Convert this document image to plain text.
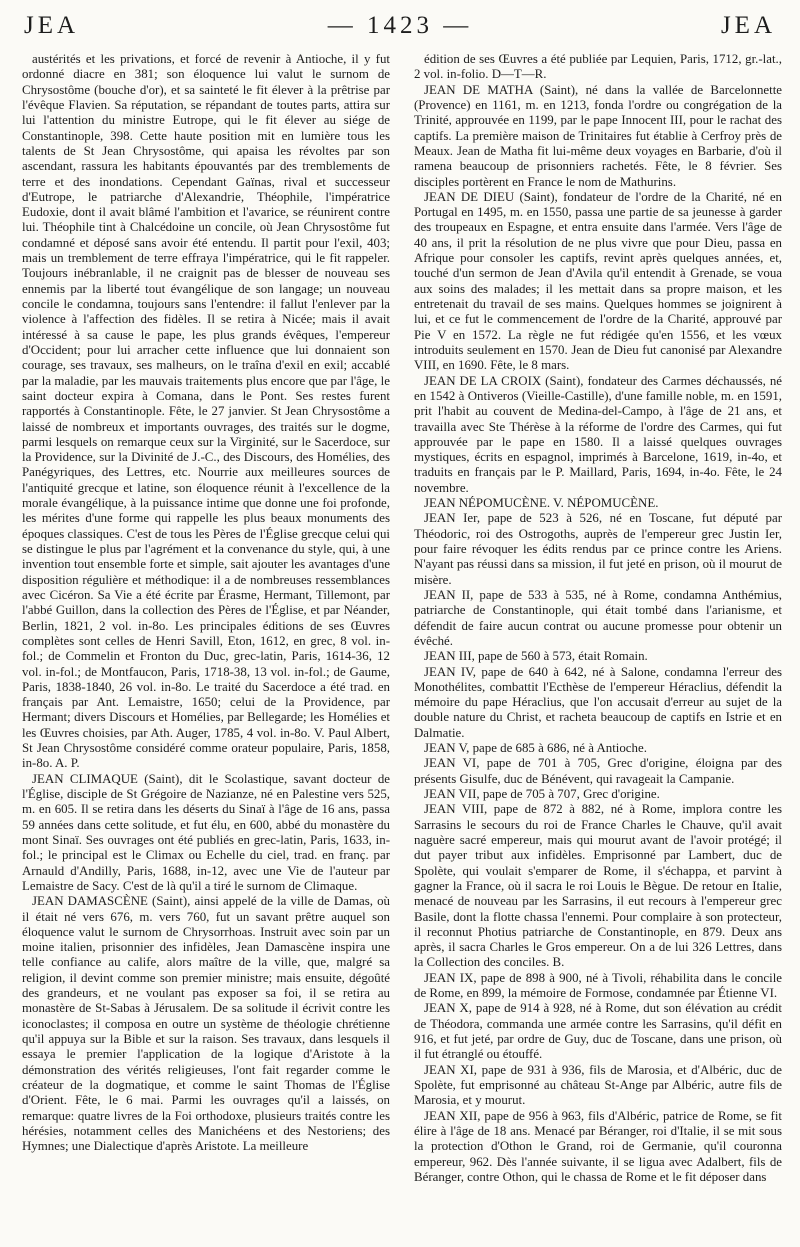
JEA	— 1423 —	JEA

austérités et les privations, et forcé de revenir à Antioche, il y fut ordonné diacre en 381; son éloquence lui valut le surnom de Chrysostôme (bouche d'or), et sa sainteté le fit élever à la prêtrise par l'évêque Flavien. Sa réputation, se répandant de toutes parts, attira sur lui l'attention du ministre Eutrope, qui le fit élever au siége de Constantinople, 398. Cette haute position mit en lumière tous les talents de St Jean Chrysostôme, qui apaisa les révoltes par son ascendant, rassura les habitants épouvantés par des tremblements de terre et des inondations. Cependant Gaïnas, rival et successeur d'Eutrope, le patriarche d'Alexandrie, Théophile, l'impératrice Eudoxie, dont il avait blâmé l'ambition et l'avarice, se réunirent contre lui. Théophile tint à Chalcédoine un concile, où Jean Chrysostôme fut condamné et déposé sans avoir été entendu. Il partit pour l'exil, 403; mais un tremblement de terre effraya l'impératrice, qui le fit rappeler. Toujours inébranlable, il ne craignit pas de blesser de nouveau ses ennemis par la liberté tout évangélique de son langage; un nouveau concile le condamna, toujours sans l'entendre: il fallut l'enlever par la violence à l'affection des fidèles. Il se retira à Nicée; mais il avait intéressé à sa cause le pape, les plus grands évêques, l'empereur d'Occident; pour lui arracher cette influence que lui donnaient son courage, ses travaux, ses malheurs, on le traîna d'exil en exil; accablé par la maladie, par les mauvais traitements plus encore que par l'âge, le saint docteur expira à Comana, dans le Pont. Ses restes furent rapportés à Constantinople. Fête, le 27 janvier. St Jean Chrysostôme a laissé de nombreux et importants ouvrages, des traités sur le dogme, parmi lesquels on remarque ceux sur la Virginité, sur le Sacerdoce, sur la Providence, sur la Divinité de J.-C., des Discours, des Homélies, des Panégyriques, des Lettres, etc. Nourrie aux meilleures sources de l'antiquité grecque et latine, son éloquence réunit à l'excellence de la morale évangélique, à la puissance intime que donne une foi profonde, les mérites d'une forme qui rappelle les plus beaux monuments des époques classiques. C'est de tous les Pères de l'Église grecque celui qui se distingue le plus par l'agrément et la convenance du style, qui, à une invention tout ensemble forte et simple, sait ajouter les avantages d'une disposition régulière et méthodique: il a de nombreuses ressemblances avec Cicéron. Sa Vie a été écrite par Érasme, Hermant, Tillemont, par l'abbé Guillon, dans la collection des Pères de l'Église, et par Néander, Berlin, 1821, 2 vol. in-8o. Les principales éditions de ses Œuvres complètes sont celles de Henri Savill, Eton, 1612, en grec, 8 vol. in-fol.; de Commelin et Fronton du Duc, grec-latin, Paris, 1614-36, 12 vol. in-fol.; de Montfaucon, Paris, 1718-38, 13 vol. in-fol.; de Gaume, Paris, 1838-1840, 26 vol. in-8o. Le traité du Sacerdoce a été trad. en français par Ant. Lemaistre, 1650; celui de la Providence, par Hermant; divers Discours et Homélies, par Bellegarde; les Homélies et les Œuvres choisies, par Ath. Auger, 1785, 4 vol. in-8o. V. Paul Albert, St Jean Chrysostôme considéré comme orateur populaire, Paris, 1858, in-8o. A. P.

JEAN CLIMAQUE (Saint), dit le Scolastique, savant docteur de l'Église, disciple de St Grégoire de Nazianze, né en Palestine vers 525, m. en 605. Il se retira dans les déserts du Sinaï à l'âge de 16 ans, passa 59 années dans cette solitude, et fut élu, en 600, abbé du monastère du mont Sinaï. Ses ouvrages ont été publiés en grec-latin, Paris, 1633, in-fol.; le principal est le Climax ou Echelle du ciel, trad. en franç. par Arnauld d'Andilly, Paris, 1688, in-12, avec une Vie de l'auteur par Lemaistre de Sacy. C'est de là qu'il a tiré le surnom de Climaque.

JEAN DAMASCÈNE (Saint), ainsi appelé de la ville de Damas, où il était né vers 676, m. vers 760, fut un savant prêtre auquel son éloquence valut le surnom de Chrysorrhoas. Instruit avec soin par un moine italien, prisonnier des infidèles, Jean Damascène inspira une telle confiance au calife, alors maître de la ville, que, malgré sa religion, il devint comme son premier ministre; mais ensuite, dégoûté des grandeurs, et ne voulant pas exposer sa foi, il se retira au monastère de St-Sabas à Jérusalem. De sa solitude il écrivit contre les iconoclastes; il composa en outre un système de théologie chrétienne qu'il appuya sur la Bible et sur la raison. Ses travaux, dans lesquels il essaya le premier l'application de la logique d'Aristote à la démonstration des vérités religieuses, l'ont fait regarder comme le créateur de la dogmatique, et comme le saint Thomas de l'Église d'Orient. Fête, le 6 mai. Parmi les ouvrages qu'il a laissés, on remarque: quatre livres de la Foi orthodoxe, plusieurs traités contre les hérésies, notamment celles des Manichéens et des Nestoriens; des Hymnes; une Dialectique d'après Aristote. La meilleure

édition de ses Œuvres a été publiée par Lequien, Paris, 1712, gr.-lat., 2 vol. in-folio. D—T—R.

JEAN DE MATHA (Saint), né dans la vallée de Barcelonnette (Provence) en 1161, m. en 1213, fonda l'ordre ou congrégation de la Trinité, approuvée en 1199, par le pape Innocent III, pour le rachat des captifs. La première maison de Trinitaires fut établie à Cerfroy près de Meaux. Jean de Matha fit lui-même deux voyages en Barbarie, d'où il ramena beaucoup de prisonniers rachetés. Fête, le 8 février. Ses disciples portèrent en France le nom de Mathurins.

JEAN DE DIEU (Saint), fondateur de l'ordre de la Charité, né en Portugal en 1495, m. en 1550, passa une partie de sa jeunesse à garder des troupeaux en Espagne, et entra ensuite dans l'armée. Vers l'âge de 40 ans, il prit la résolution de ne plus vivre que pour Dieu, passa en Afrique pour consoler les captifs, revint après quelques années, et, touché d'un sermon de Jean d'Avila qu'il entendit à Grenade, se voua aux soins des malades; il les mettait dans sa propre maison, et les entretenait du travail de ses mains. Quelques hommes se joignirent à lui, et ce fut le commencement de l'ordre de la Charité, approuvé par Pie V en 1572. La règle ne fut rédigée qu'en 1556, et les vœux introduits seulement en 1570. Jean de Dieu fut canonisé par Alexandre VIII, en 1690. Fête, le 8 mars.

JEAN DE LA CROIX (Saint), fondateur des Carmes déchaussés, né en 1542 à Ontiveros (Vieille-Castille), d'une famille noble, m. en 1591, prit l'habit au couvent de Medina-del-Campo, à l'âge de 21 ans, et travailla avec Ste Thérèse à la réforme de l'ordre des Carmes, qui fut approuvée par le pape en 1580. Il a laissé quelques ouvrages mystiques, écrits en espagnol, imprimés à Barcelone, 1619, in-4o, et traduits en français par le P. Maillard, Paris, 1694, in-4o. Fête, le 24 novembre.

JEAN NÉPOMUCÈNE. V. NÉPOMUCÈNE.

JEAN Ier, pape de 523 à 526, né en Toscane, fut député par Théodoric, roi des Ostrogoths, auprès de l'empereur grec Justin Ier, pour faire révoquer les édits rendus par ce prince contre les Ariens. N'ayant pas réussi dans sa mission, il fut jeté en prison, où il mourut de misère.

JEAN II, pape de 533 à 535, né à Rome, condamna Anthémius, patriarche de Constantinople, qui était tombé dans l'arianisme, et défendit de faire aucun contrat ou aucune promesse pour obtenir un évêché.

JEAN III, pape de 560 à 573, était Romain.

JEAN IV, pape de 640 à 642, né à Salone, condamna l'erreur des Monothélites, combattit l'Ecthèse de l'empereur Héraclius, défendit la mémoire du pape Héraclius, que l'on accusait d'erreur au sujet de la double nature du Christ, et racheta beaucoup de captifs en Istrie et en Dalmatie.

JEAN V, pape de 685 à 686, né à Antioche.

JEAN VI, pape de 701 à 705, Grec d'origine, éloigna par des présents Gisulfe, duc de Bénévent, qui ravageait la Campanie.

JEAN VII, pape de 705 à 707, Grec d'origine.

JEAN VIII, pape de 872 à 882, né à Rome, implora contre les Sarrasins le secours du roi de France Charles le Chauve, qu'il avait naguère sacré empereur, mais qui mourut avant de l'avoir protégé; il dut payer tribut aux infidèles. Emprisonné par Lambert, duc de Spolète, qui voulait s'emparer de Rome, il s'échappa, et parvint à gagner la France, où il sacra le roi Louis le Bègue. De retour en Italie, menacé de nouveau par les Sarrasins, il eut recours à l'empereur grec Basile, dont la flotte chassa l'ennemi. Pour complaire à son protecteur, il reconnut Photius patriarche de Constantinople, en 879. Deux ans après, il sacra Charles le Gros empereur. On a de lui 326 Lettres, dans la Collection des conciles. B.

JEAN IX, pape de 898 à 900, né à Tivoli, réhabilita dans le concile de Rome, en 899, la mémoire de Formose, condamnée par Étienne VI.

JEAN X, pape de 914 à 928, né à Rome, dut son élévation au crédit de Théodora, commanda une armée contre les Sarrasins, qu'il défit en 916, et fut jeté, par ordre de Guy, duc de Toscane, dans une prison, où il fut étranglé ou étouffé.

JEAN XI, pape de 931 à 936, fils de Marosia, et d'Albéric, duc de Spolète, fut emprisonné au château St-Ange par Albéric, autre fils de Marosia, et y mourut.

JEAN XII, pape de 956 à 963, fils d'Albéric, patrice de Rome, se fit élire à l'âge de 18 ans. Menacé par Béranger, roi d'Italie, il se mit sous la protection d'Othon le Grand, roi de Germanie, qu'il couronna empereur, 962. Dès l'année suivante, il se ligua avec Adalbert, fils de Béranger, contre Othon, qui le chassa de Rome et le fit déposer dans
